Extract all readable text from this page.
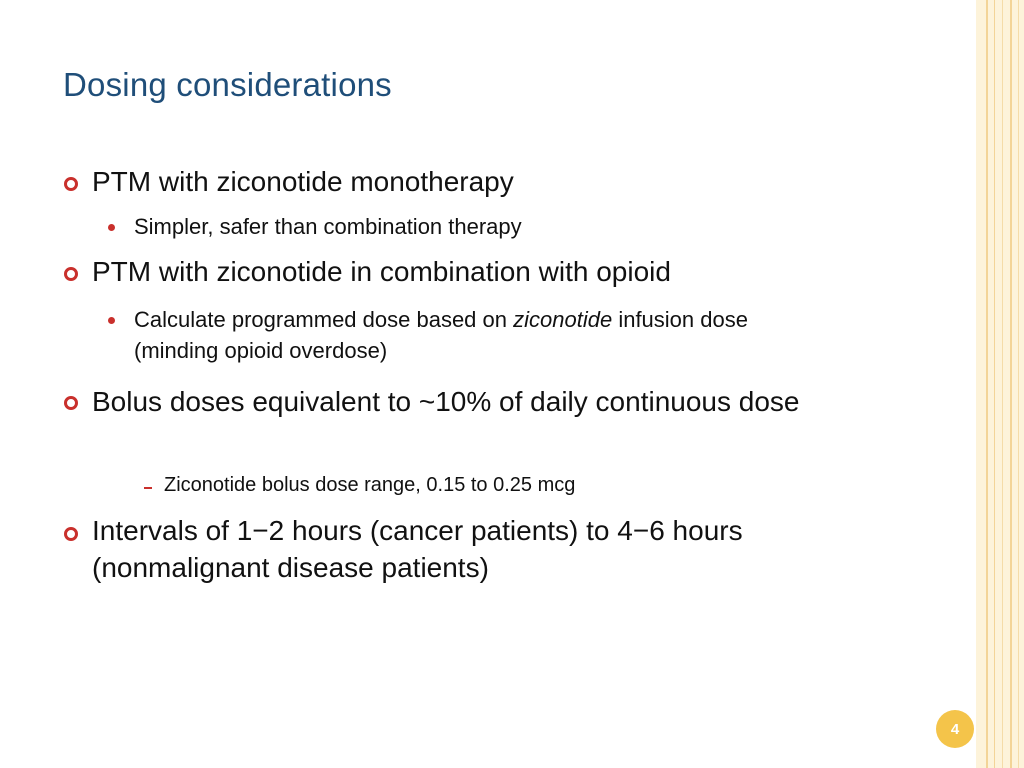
Dosing considerations
PTM with ziconotide monotherapy
Simpler, safer than combination therapy
PTM with ziconotide in combination with opioid
Calculate programmed dose based on ziconotide infusion dose (minding opioid overdose)
Bolus doses equivalent to ~10% of daily continuous dose
Ziconotide bolus dose range, 0.15 to 0.25 mcg
Intervals of 1−2 hours (cancer patients) to 4−6 hours (nonmalignant disease patients)
4
